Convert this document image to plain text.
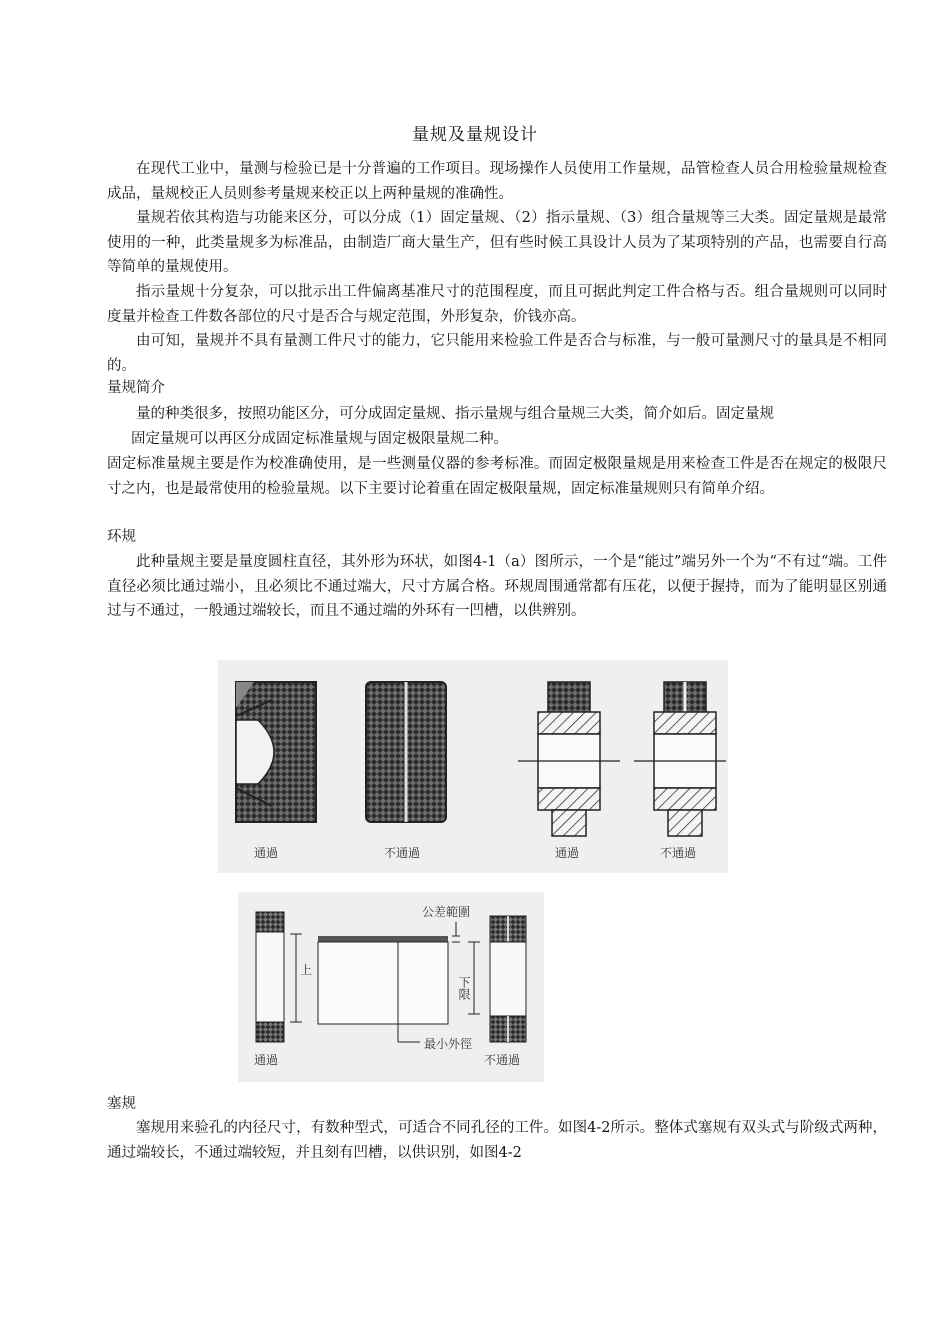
量规及量规设计
在现代工业中，量测与检验已是十分普遍的工作项目。现场操作人员使用工作量规，品管检查人员合用检验量规检查成品，量规校正人员则参考量规来校正以上两种量规的准确性。
量规若依其构造与功能来区分，可以分成（1）固定量规、（2）指示量规、（3）组合量规等三大类。固定量规是最常使用的一种，此类量规多为标准品，由制造厂商大量生产，但有些时候工具设计人员为了某项特别的产品，也需要自行高等简单的量规使用。
指示量规十分复杂，可以批示出工件偏离基准尺寸的范围程度，而且可据此判定工件合格与否。组合量规则可以同时度量并检查工件数各部位的尺寸是否合与规定范围，外形复杂，价钱亦高。
由可知，量规并不具有量测工件尺寸的能力，它只能用来检验工件是否合与标准，与一般可量测尺寸的量具是不相同的。
量规简介
量的种类很多，按照功能区分，可分成固定量规、指示量规与组合量规三大类，简介如后。固定量规
固定量规可以再区分成固定标准量规与固定极限量规二种。
固定标准量规主要是作为校准确使用，是一些测量仪器的参考标准。而固定极限量规是用来检查工件是否在规定的极限尺寸之内，也是最常使用的检验量规。以下主要讨论着重在固定极限量规，固定标准量规则只有简单介绍。
环规
此种量规主要是量度圆柱直径，其外形为环状，如图4-1（a）图所示，一个是“能过”端另外一个为“不有过“端。工件直径必须比通过端小，且必须比不通过端大，尺寸方属合格。环规周围通常都有压花，以便于握持，而为了能明显区别通过与不通过，一般通过端较长，而且不通过端的外环有一凹槽，以供辨别。
通過	不通過	通過	不通過
上
最小外徑
公差範圍
下限
通過	不通過
塞规
塞规用来验孔的内径尺寸，有数种型式，可适合不同孔径的工件。如图4-2所示。整体式塞规有双头式与阶级式两种，通过端较长，不通过端较短，并且刻有凹槽，以供识别，如图4-2
